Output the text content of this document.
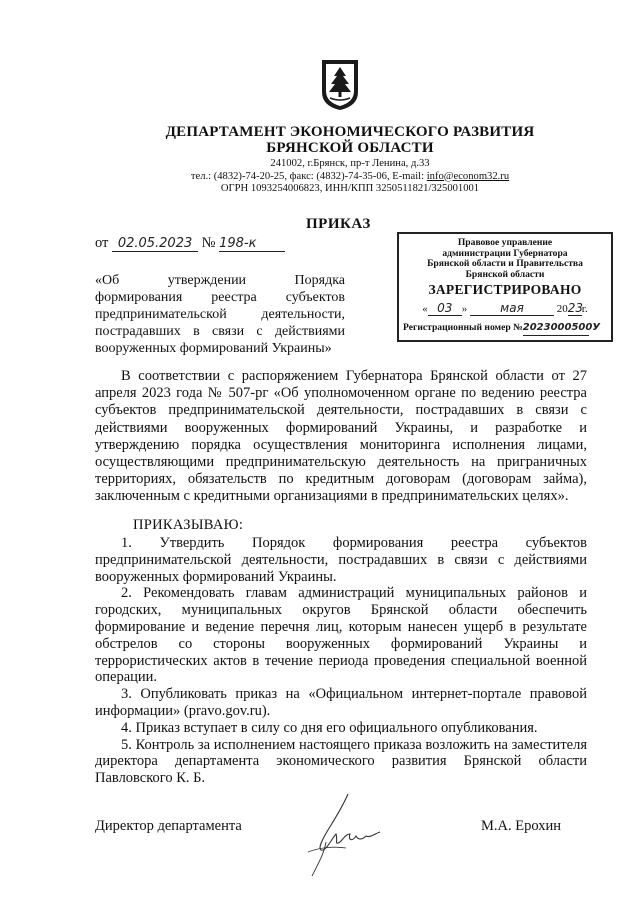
ДЕПАРТАМЕНТ ЭКОНОМИЧЕСКОГО РАЗВИТИЯ
БРЯНСКОЙ ОБЛАСТИ
241002, г.Брянск, пр-т Ленина, д.33
тел.: (4832)-74-20-25, факс: (4832)-74-35-06, E-mail: info@econom32.ru
ОГРН 1093254006823, ИНН/КПП 3250511821/325001001
ПРИКАЗ
от 02.05.2023 № 198-к
«Об утверждении Порядка формирования реестра субъектов предпринимательской деятельности, пострадавших в связи с действиями вооруженных формирований Украины»
Правовое управление
администрации Губернатора
Брянской области и Правительства
Брянской области
ЗАРЕГИСТРИРОВАНО
« 03 »	мая	2023г.
Регистрационный номер №2023000500У

В соответствии с распоряжением Губернатора Брянской области от 27 апреля 2023 года № 507-рг «Об уполномоченном органе по ведению реестра субъектов предпринимательской деятельности, пострадавших в связи с действиями вооруженных формирований Украины, и разработке и утверждению порядка осуществления мониторинга исполнения лицами, осуществляющими предпринимательскую деятельность на приграничных территориях, обязательств по кредитным договорам (договорам займа), заключенным с кредитными организациями в предпринимательских целях».

ПРИКАЗЫВАЮ:

1. Утвердить Порядок формирования реестра субъектов предпринимательской деятельности, пострадавших в связи с действиями вооруженных формирований Украины.

2. Рекомендовать главам администраций муниципальных районов и городских, муниципальных округов Брянской области обеспечить формирование и ведение перечня лиц, которым нанесен ущерб в результате обстрелов со стороны вооруженных формирований Украины и террористических актов в течение периода проведения специальной военной операции.

3. Опубликовать приказ на «Официальном интернет-портале правовой информации» (pravo.gov.ru).

4. Приказ вступает в силу со дня его официального опубликования.

5. Контроль за исполнением настоящего приказа возложить на заместителя директора департамента экономического развития Брянской области Павловского К. Б.

Директор департамента	М.А. Ерохин
